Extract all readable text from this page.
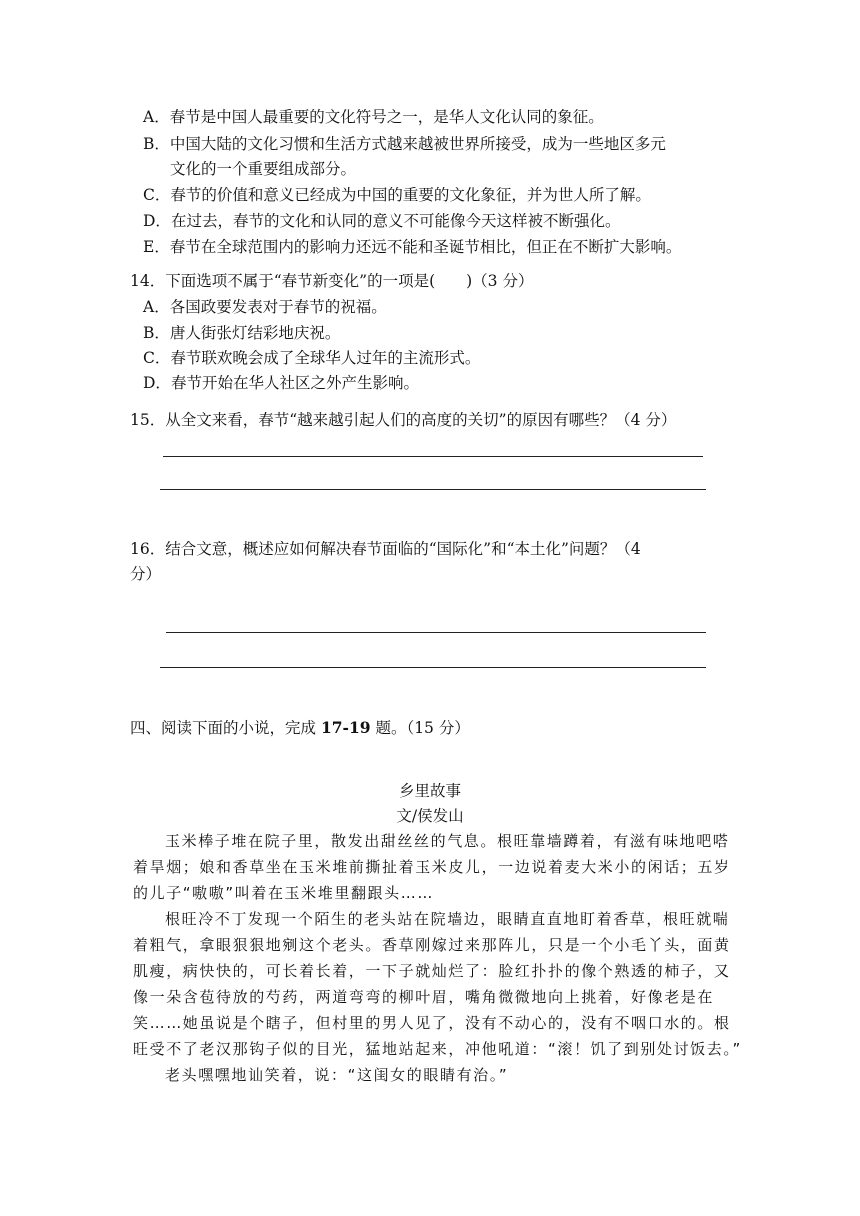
A．春节是中国人最重要的文化符号之一，是华人文化认同的象征。
B．中国大陆的文化习惯和生活方式越来越被世界所接受，成为一些地区多元
文化的一个重要组成部分。
C．春节的价值和意义已经成为中国的重要的文化象征，并为世人所了解。
D．在过去，春节的文化和认同的意义不可能像今天这样被不断强化。
E．春节在全球范围内的影响力还远不能和圣诞节相比，但正在不断扩大影响。
14．下面选项不属于“春节新变化”的一项是(　　)（3 分）
A．各国政要发表对于春节的祝福。
B．唐人街张灯结彩地庆祝。
C．春节联欢晚会成了全球华人过年的主流形式。
D．春节开始在华人社区之外产生影响。
15．从全文来看，春节“越来越引起人们的高度的关切”的原因有哪些？（4 分）
16．结合文意，概述应如何解决春节面临的“国际化”和“本土化”问题？（4
分）
四、阅读下面的小说，完成 17-19 题。（15 分）
乡里故事
文/侯发山

玉米棒子堆在院子里，散发出甜丝丝的气息。根旺靠墙蹲着，有滋有味地吧嗒着旱烟；娘和香草坐在玉米堆前撕扯着玉米皮儿，一边说着麦大米小的闲话；五岁的儿子“嗷嗷”叫着在玉米堆里翻跟头……

根旺冷不丁发现一个陌生的老头站在院墙边，眼睛直直地盯着香草，根旺就喘着粗气，拿眼狠狠地剜这个老头。香草刚嫁过来那阵儿，只是一个小毛丫头，面黄肌瘦，病快快的，可长着长着，一下子就灿烂了：脸红扑扑的像个熟透的柿子，又像一朵含苞待放的芍药，两道弯弯的柳叶眉，嘴角微微地向上挑着，好像老是在笑……她虽说是个瞎子，但村里的男人见了，没有不动心的，没有不咽口水的。根旺受不了老汉那钩子似的目光，猛地站起来，冲他吼道：“滚！饥了到别处讨饭去。”

老头嘿嘿地讪笑着，说：“这闺女的眼睛有治。”
